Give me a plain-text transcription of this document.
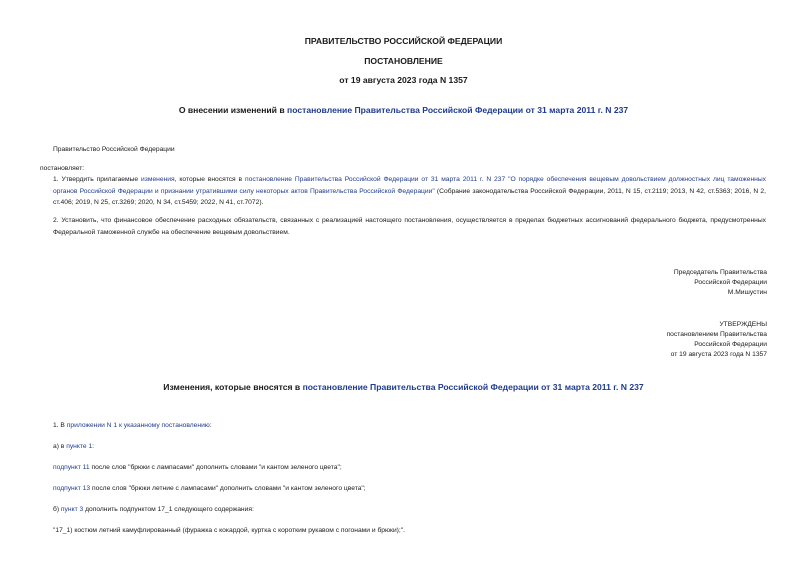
ПРАВИТЕЛЬСТВО РОССИЙСКОЙ ФЕДЕРАЦИИ
ПОСТАНОВЛЕНИЕ
от 19 августа 2023 года N 1357
О внесении изменений в постановление Правительства Российской Федерации от 31 марта 2011 г. N 237
Правительство Российской Федерации
постановляет:
1. Утвердить прилагаемые изменения, которые вносятся в постановление Правительства Российской Федерации от 31 марта 2011 г. N 237 "О порядке обеспечения вещевым довольствием должностных лиц таможенных органов Российской Федерации и признании утратившими силу некоторых актов Правительства Российской Федерации" (Собрание законодательства Российской Федерации, 2011, N 15, ст.2119; 2013, N 42, ст.5363; 2016, N 2, ст.406; 2019, N 25, ст.3269; 2020, N 34, ст.5459; 2022, N 41, ст.7072).
2. Установить, что финансовое обеспечение расходных обязательств, связанных с реализацией настоящего постановления, осуществляется в пределах бюджетных ассигнований федерального бюджета, предусмотренных Федеральной таможенной службе на обеспечение вещевым довольствием.
Председатель Правительства
Российской Федерации
М.Мишустин
УТВЕРЖДЕНЫ
постановлением Правительства
Российской Федерации
от 19 августа 2023 года N 1357
Изменения, которые вносятся в постановление Правительства Российской Федерации от 31 марта 2011 г. N 237
1. В приложении N 1 к указанному постановлению:
а) в пункте 1:
подпункт 11 после слов "брюки с лампасами" дополнить словами "и кантом зеленого цвета";
подпункт 13 после слов "брюки летние с лампасами" дополнить словами "и кантом зеленого цвета";
б) пункт 3 дополнить подпунктом 17_1 следующего содержания:
"17_1) костюм летний камуфлированный (фуражка с кокардой, куртка с коротким рукавом с погонами и брюки);".
